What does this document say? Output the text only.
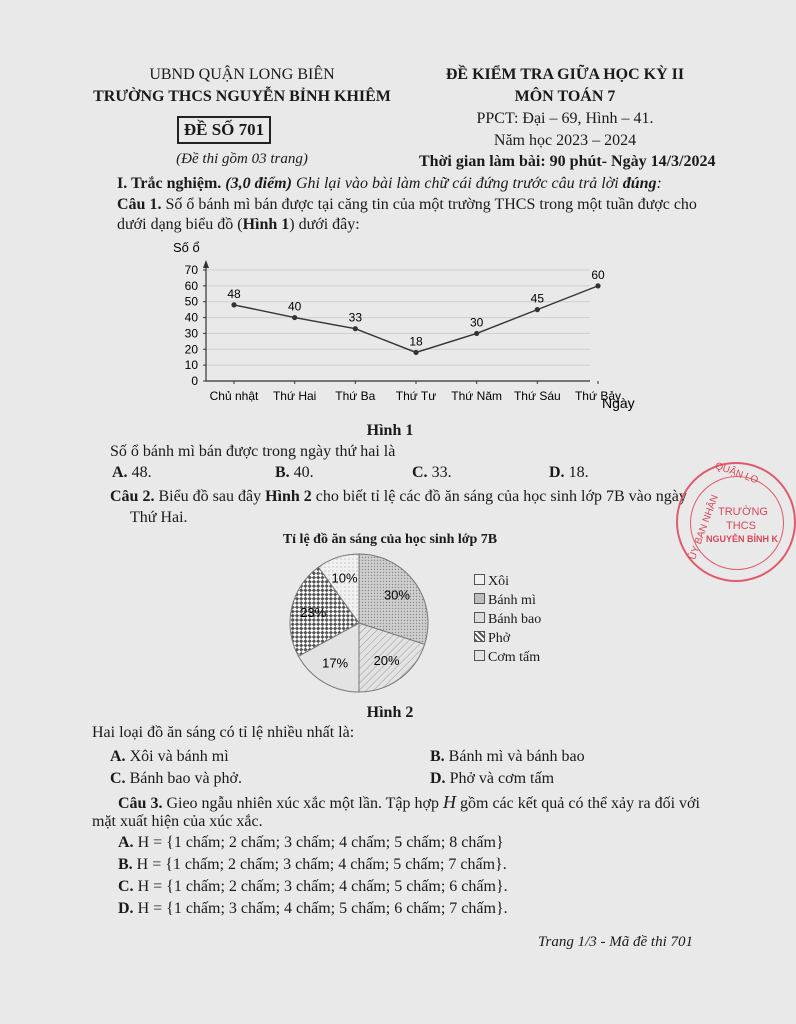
UBND QUẬN LONG BIÊN
TRƯỜNG THCS NGUYỄN BỈNH KHIÊM
ĐỀ SỐ 701
(Đề thi gồm 03 trang)
ĐỀ KIỂM TRA GIỮA HỌC KỲ II
MÔN TOÁN 7
PPCT: Đại – 69, Hình – 41.
Năm học 2023 – 2024
Thời gian làm bài: 90 phút- Ngày 14/3/2024
I. Trắc nghiệm. (3,0 điểm) Ghi lại vào bài làm chữ cái đứng trước câu trả lời đúng:
Câu 1. Số ổ bánh mì bán được tại căng tin của một trường THCS trong một tuần được cho
dưới dạng biểu đồ (Hình 1) dưới đây:
Số ổ
Ngày
0
10
20
30
40
50
60
70
48
Chủ nhật
40
Thứ Hai
33
Thứ Ba
18
Thứ Tư
30
Thứ Năm
45
Thứ Sáu
60
Thứ Bảy
Hình 1
Số ổ bánh mì bán được trong ngày thứ hai là
A. 48.	B. 40.	C. 33.	D. 18.
Câu 2. Biểu đồ sau đây Hình 2 cho biết tỉ lệ các đồ ăn sáng của học sinh lớp 7B vào ngày
Thứ Hai.
Tỉ lệ đồ ăn sáng của học sinh lớp 7B
30%
20%
17%
23%
10%	Xôi
Bánh mì
Bánh bao
Phở
Cơm tấm
Hình 2
Hai loại đồ ăn sáng có tỉ lệ nhiều nhất là:
A. Xôi và bánh mì	B. Bánh mì và bánh bao
C. Bánh bao và phở.	D. Phở và cơm tấm
Câu 3. Gieo ngẫu nhiên xúc xắc một lần. Tập hợp H gồm các kết quả có thể xảy ra đối với
mặt xuất hiện của xúc xắc.
A. H = {1 chấm; 2 chấm; 3 chấm; 4 chấm; 5 chấm; 8 chấm}
B. H = {1 chấm; 2 chấm; 3 chấm; 4 chấm; 5 chấm; 7 chấm}.
C. H = {1 chấm; 2 chấm; 3 chấm; 4 chấm; 5 chấm; 6 chấm}.
D. H = {1 chấm; 3 chấm; 4 chấm; 5 chấm; 6 chấm; 7 chấm}.
Trang 1/3 - Mã đề thi 701
QUẬN LO
ỦY BAN NHÂN
TRƯỜNG
THCS
NGUYỄN BỈNH K
